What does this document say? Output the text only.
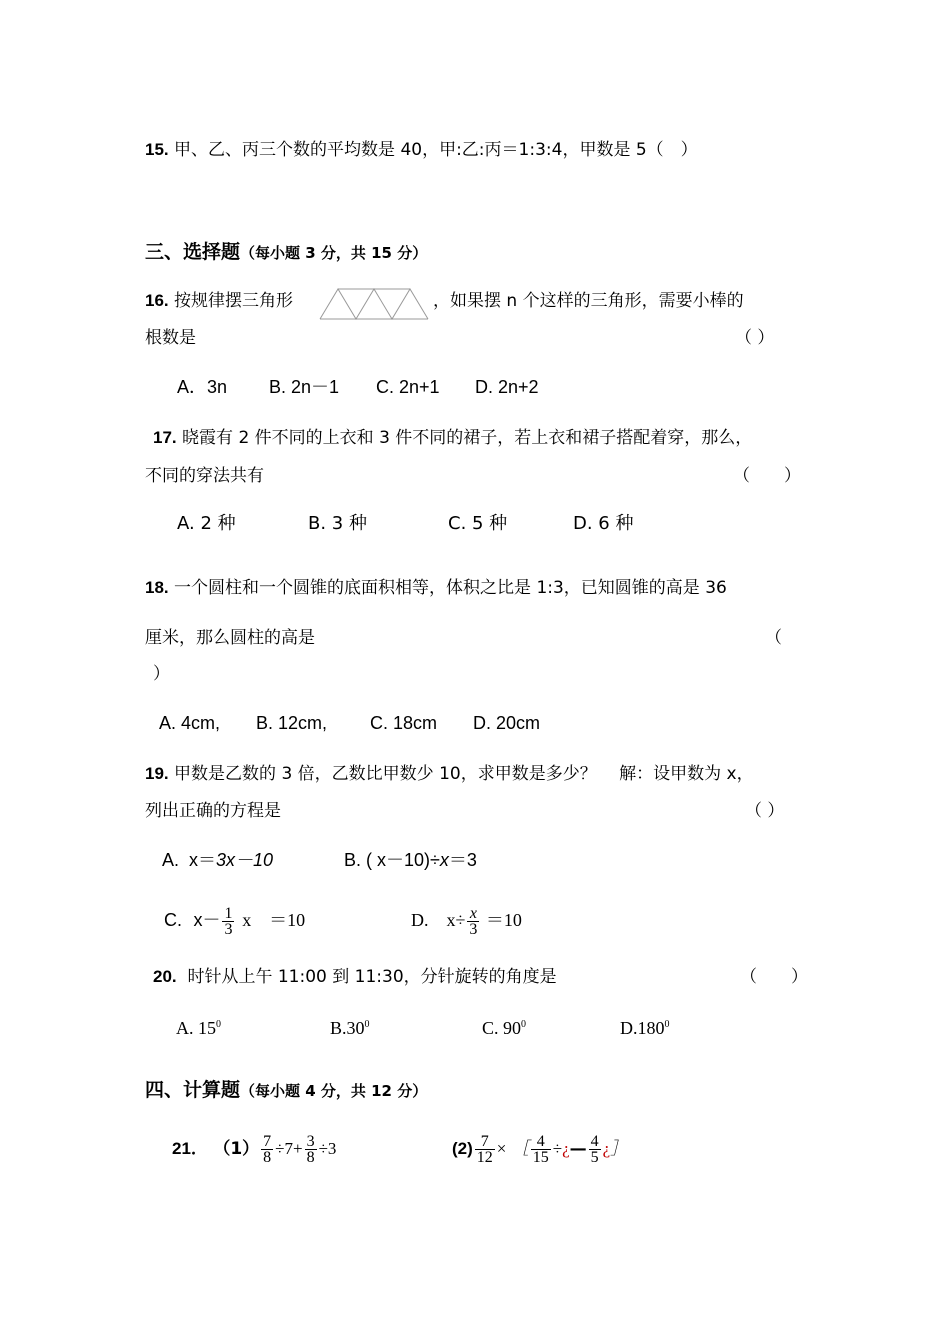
15. 甲、乙、丙三个数的平均数是 40，甲:乙:丙＝1:3:4，甲数是 5（　）
三、选择题（每小题 3 分，共 15 分）
16. 按规律摆三角形	，如果摆 n 个这样的三角形，需要小棒的
根数是	（ ）
A．3n B. 2n－1 C. 2n+1 D. 2n+2
17. 晓霞有 2 件不同的上衣和 3 件不同的裙子，若上衣和裙子搭配着穿，那么，
不同的穿法共有	（　　）
A. 2 种	B. 3 种	C. 5 种	D. 6 种
18. 一个圆柱和一个圆锥的底面积相等，体积之比是 1:3，已知圆锥的高是 36
厘米，那么圆柱的高是	（
）
A. 4cm, B. 12cm, C. 18cm D. 20cm
19. 甲数是乙数的 3 倍，乙数比甲数少 10，求甲数是多少？　 解：设甲数为 x，
列出正确的方程是	（ ）
A. x＝3x－10	B. ( x－10)÷x＝3
C. $x- \frac{1}{3}$ x　＝10	D. $x\div \frac{x}{3} =10$
20. 时针从上午 11:00 到 11:30，分针旋转的角度是	（　　）
A. $15^0$	$B.30^0$	C. $90^0$	D.180$^0$
四、计算题（每小题 4 分，共 12 分）
21． $(1) \frac{7}{8} \div 7+ \frac{3}{8} \div 3$	$(2) \frac{7}{12}$ × ［ $\frac{4}{15}$ ÷¿— $\frac{4}{5}$ ¿］
